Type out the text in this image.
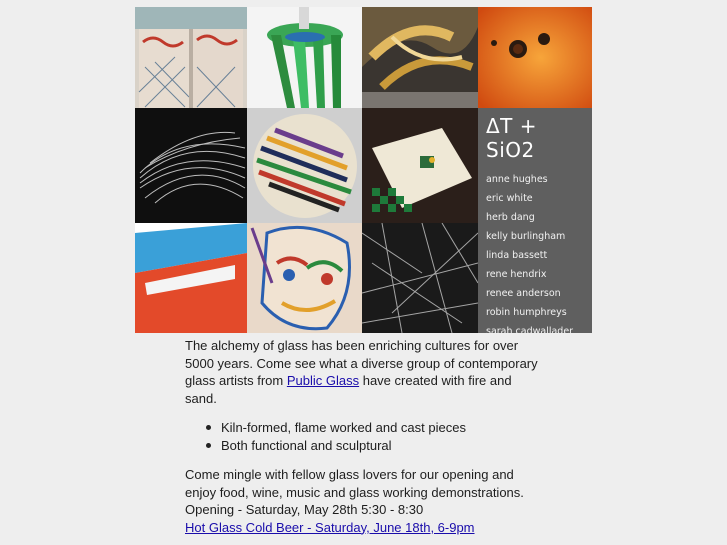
ΔT + SiO2
anne hughes
eric white
herb dang
kelly burlingham
linda bassett
rene hendrix
renee anderson
robin humphreys
sarah cadwallader

The alchemy of glass has been enriching cultures for over 5000 years. Come see what a diverse group of contemporary glass artists from Public Glass have created with fire and sand.

Kiln-formed, flame worked and cast pieces
Both functional and sculptural

Come mingle with fellow glass lovers for our opening and enjoy food, wine, music and glass working demonstrations.

Opening - Saturday, May 28th 5:30 - 8:30

Hot Glass Cold Beer - Saturday, June 18th, 6-9pm
